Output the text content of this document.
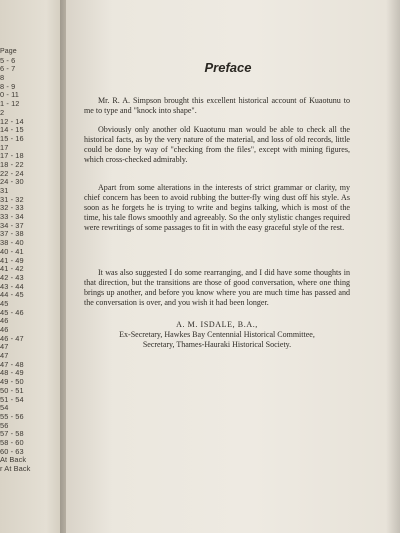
Page
5 - 6
6 - 7
8
8 - 9
0 - 11
1 - 12
2
12 - 14
14 - 15
15 - 16
17
17 - 18
18 - 22
22 - 24
24 - 30
31
31 - 32
32 - 33
33 - 34
34 - 37
37 - 38
38 - 40
40 - 41
41 - 49
41 - 42
42 - 43
43 - 44
44 - 45
45
45 - 46
46
46
46 - 47
47
47
47 - 48
48 - 49
49 - 50
50 - 51
51 - 54
54
55 - 56
56
57 - 58
58 - 60
60 - 63
At Back
r At Back
Preface

Mr. R. A. Simpson brought this excellent historical account of Kuaotunu to me to type and "knock into shape".

Obviously only another old Kuaotunu man would be able to check all the historical facts, as by the very nature of the material, and loss of old records, little could be done by way of "checking from the files", except with mining figures, which cross-checked admirably.

Apart from some alterations in the interests of strict grammar or clarity, my chief concern has been to avoid rubbing the butter-fly wing dust off his style. As soon as he forgets he is trying to write and begins talking, which is most of the time, his tale flows smoothly and agreeably. So the only stylistic changes required were rewritings of some passages to fit in with the easy graceful style of the rest.

It was also suggested I do some rearranging, and I did have some thoughts in that direction, but the transitions are those of good conversation, where one thing brings up another, and before you know where you are much time has passed and the conversation is over, and you wish it had been longer.

A. M. ISDALE, B.A.,
Ex-Secretary, Hawkes Bay Centennial Historical Committee,
Secretary, Thames-Hauraki Historical Society.
